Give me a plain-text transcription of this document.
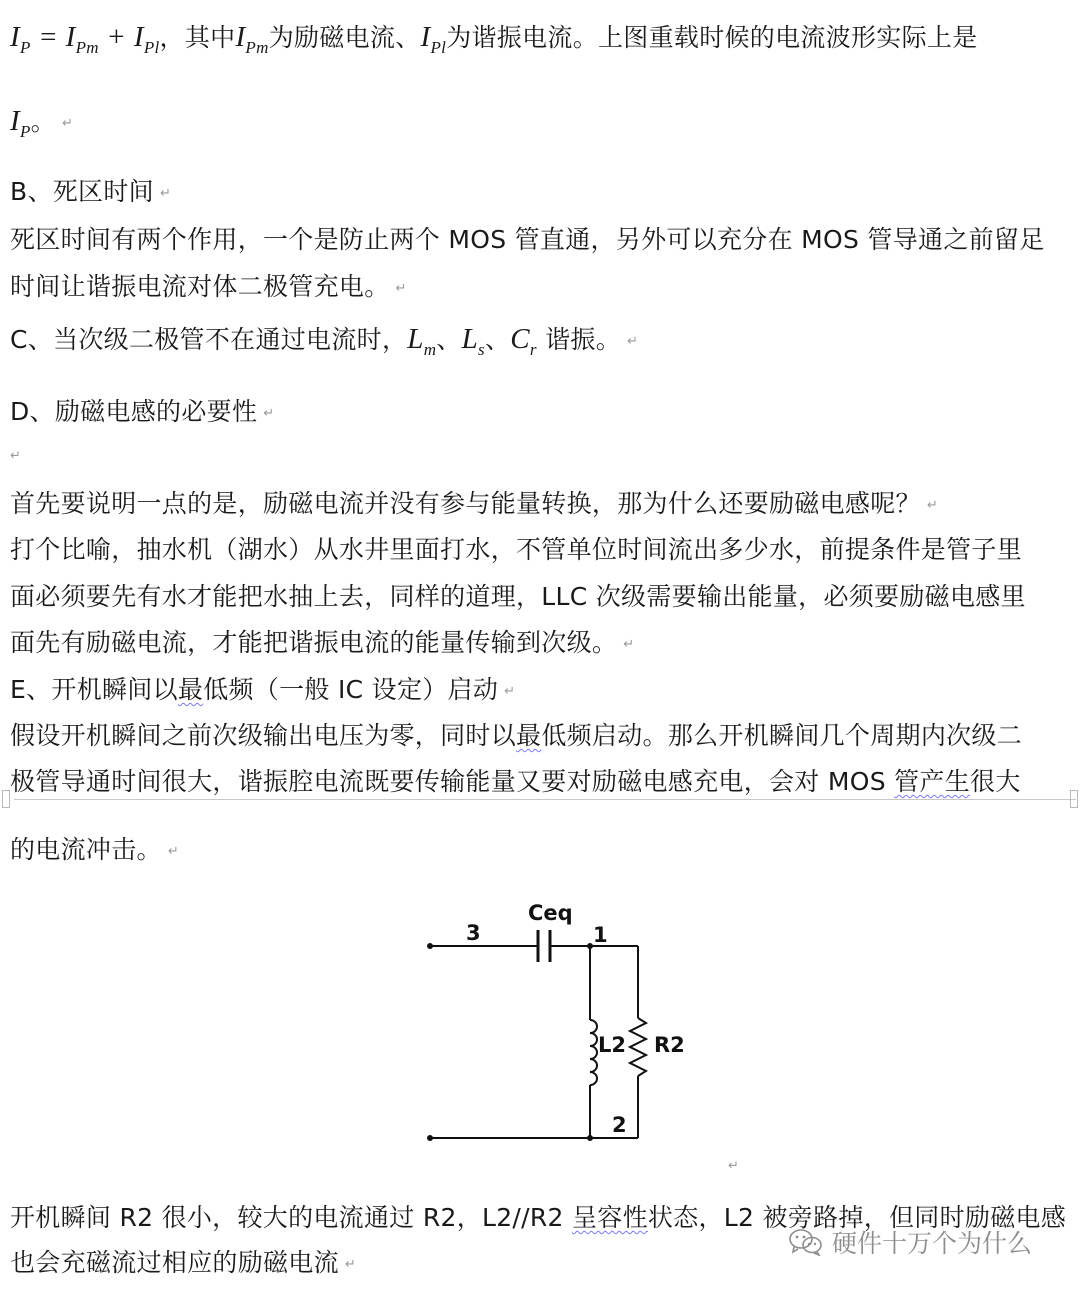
$I_P = I_{Pm} + I_{Pl}$，其中$I_{Pm}$为励磁电流、$I_{Pl}$为谐振电流。上图重载时候的电流波形实际上是
$I_P$。 ↵
B、死区时间 ↵
死区时间有两个作用，一个是防止两个 MOS 管直通，另外可以充分在 MOS 管导通之前留足
时间让谐振电流对体二极管充电。 ↵
C、当次级二极管不在通过电流时，$L_m$、$L_s$、$C_r$ 谐振。 ↵
D、励磁电感的必要性 ↵
↵
首先要说明一点的是，励磁电流并没有参与能量转换，那为什么还要励磁电感呢？ ↵
打个比喻，抽水机（湖水）从水井里面打水，不管单位时间流出多少水，前提条件是管子里
面必须要先有水才能把水抽上去，同样的道理，LLC 次级需要输出能量，必须要励磁电感里
面先有励磁电流，才能把谐振电流的能量传输到次级。 ↵
E、开机瞬间以最低频（一般 IC 设定）启动 ↵
假设开机瞬间之前次级输出电压为零，同时以最低频启动。那么开机瞬间几个周期内次级二
极管导通时间很大，谐振腔电流既要传输能量又要对励磁电感充电，会对 MOS 管产生很大
的电流冲击。 ↵
Ceq
3	1
2
L2 R2
↵
开机瞬间 R2 很小，较大的电流通过 R2，L2//R2 呈容性状态，L2 被旁路掉，但同时励磁电感
也会充磁流过相应的励磁电流 ↵
硬件十万个为什么
